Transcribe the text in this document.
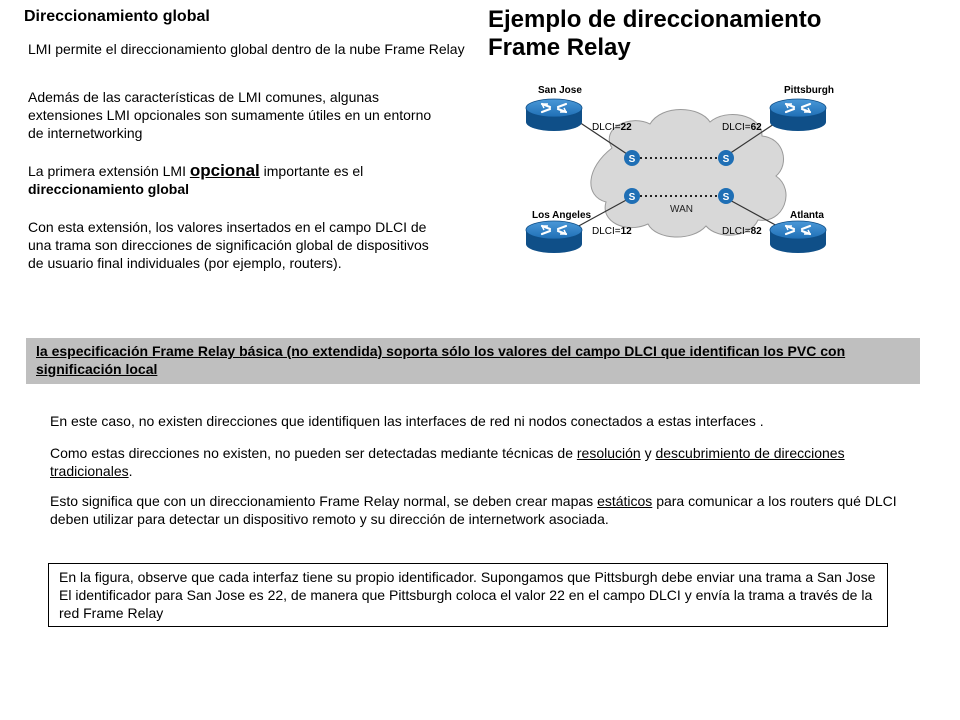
Direccionamiento global
LMI permite el direccionamiento global dentro de la nube Frame Relay
Además de las características de LMI comunes, algunas extensiones LMI opcionales son sumamente útiles en un entorno de internetworking
La primera extensión LMI opcional importante es el
direccionamiento global
Con esta extensión, los valores insertados en el campo DLCI de una trama son direcciones de significación global de dispositivos de usuario final individuales (por ejemplo, routers).
Ejemplo de direccionamiento
Frame Relay
S	S
S	S
WAN
San Jose	Pittsburgh
Los Angeles	Atlanta
DLCI=22	DLCI=62
DLCI=12	DLCI=82
la especificación Frame Relay básica (no extendida) soporta sólo los valores del campo DLCI que identifican los PVC con significación local
En este caso, no existen direcciones que identifiquen las interfaces de red ni nodos conectados a estas interfaces .
Como estas direcciones no existen, no pueden ser detectadas mediante técnicas de resolución y descubrimiento de direcciones tradicionales.
Esto significa que con un direccionamiento Frame Relay normal, se deben crear mapas estáticos para comunicar a los routers qué DLCI deben utilizar para detectar un dispositivo remoto y su dirección de internetwork asociada.
En la figura, observe que cada interfaz tiene su propio identificador. Supongamos que Pittsburgh debe enviar una trama a San Jose El identificador para San Jose es 22, de manera que Pittsburgh coloca el valor 22 en el campo DLCI y envía la trama a través de la red Frame Relay
